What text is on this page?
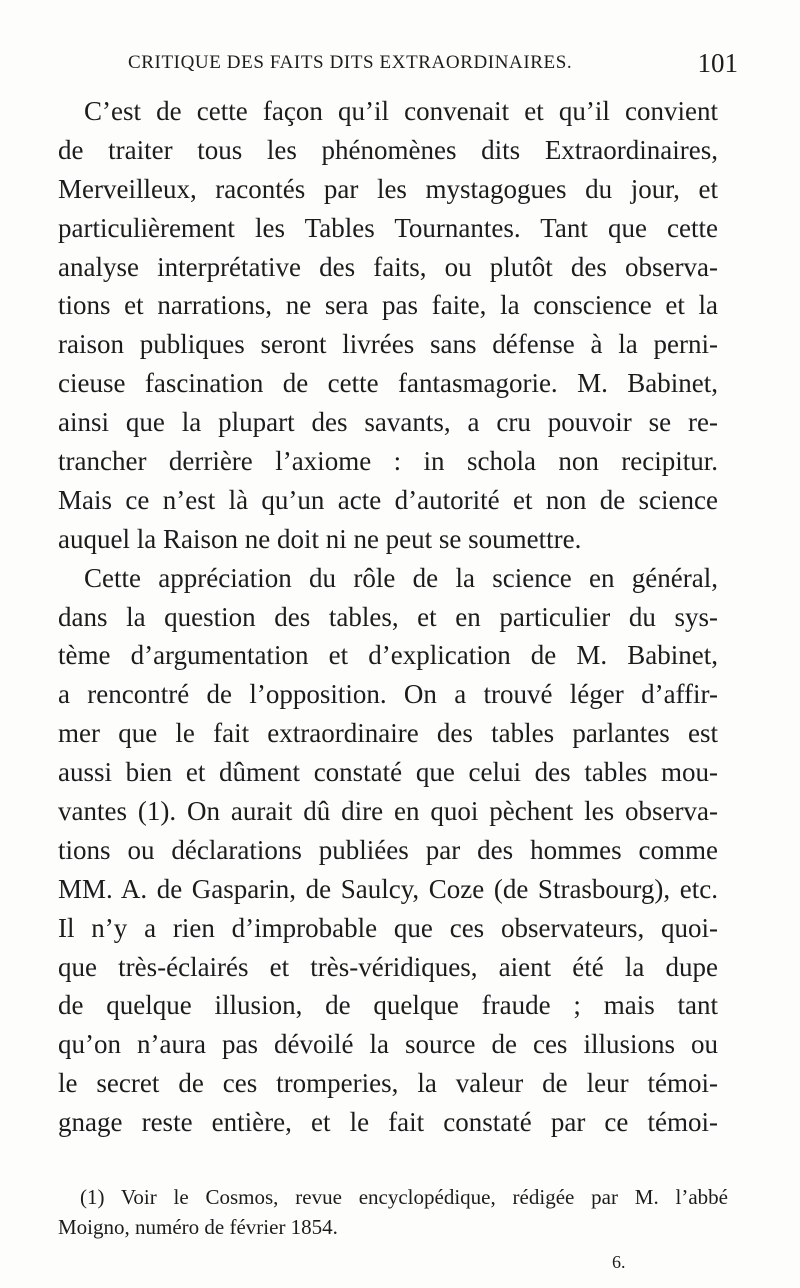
CRITIQUE DES FAITS DITS EXTRAORDINAIRES.	101
C’est de cette façon qu’il convenait et qu’il convient
de traiter tous les phénomènes dits Extraordinaires,
Merveilleux, racontés par les mystagogues du jour, et
particulièrement les Tables Tournantes. Tant que cette
analyse interprétative des faits, ou plutôt des observa-
tions et narrations, ne sera pas faite, la conscience et la
raison publiques seront livrées sans défense à la perni-
cieuse fascination de cette fantasmagorie. M. Babinet,
ainsi que la plupart des savants, a cru pouvoir se re-
trancher derrière l’axiome : in schola non recipitur.
Mais ce n’est là qu’un acte d’autorité et non de science
auquel la Raison ne doit ni ne peut se soumettre.
Cette appréciation du rôle de la science en général,
dans la question des tables, et en particulier du sys-
tème d’argumentation et d’explication de M. Babinet,
a rencontré de l’opposition. On a trouvé léger d’affir-
mer que le fait extraordinaire des tables parlantes est
aussi bien et dûment constaté que celui des tables mou-
vantes (1). On aurait dû dire en quoi pèchent les observa-
tions ou déclarations publiées par des hommes comme
MM. A. de Gasparin, de Saulcy, Coze (de Strasbourg), etc.
Il n’y a rien d’improbable que ces observateurs, quoi-
que très-éclairés et très-véridiques, aient été la dupe
de quelque illusion, de quelque fraude ; mais tant
qu’on n’aura pas dévoilé la source de ces illusions ou
le secret de ces tromperies, la valeur de leur témoi-
gnage reste entière, et le fait constaté par ce témoi-
(1) Voir le Cosmos, revue encyclopédique, rédigée par M. l’abbé
Moigno, numéro de février 1854.
6.
